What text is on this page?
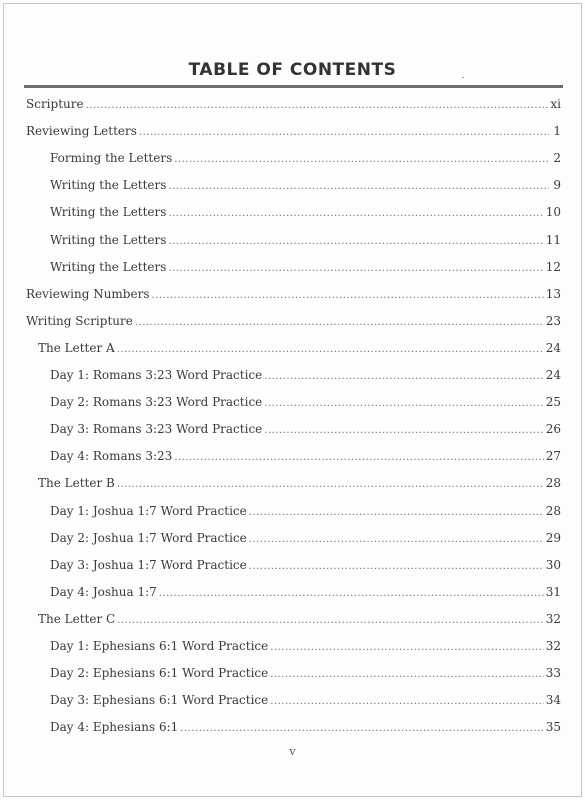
TABLE OF CONTENTS
Scripture .....	xi
Reviewing Letters .....	1
Forming the Letters .....	2
Writing the Letters .....	9
Writing the Letters .....	10
Writing the Letters .....	11
Writing the Letters .....	12
Reviewing Numbers .....	13
Writing Scripture .....	23
The Letter A .....	24
Day 1: Romans 3:23 Word Practice .....	24
Day 2: Romans 3:23 Word Practice .....	25
Day 3: Romans 3:23 Word Practice .....	26
Day 4: Romans 3:23 .....	27
The Letter B .....	28
Day 1: Joshua 1:7 Word Practice .....	28
Day 2: Joshua 1:7 Word Practice .....	29
Day 3: Joshua 1:7 Word Practice .....	30
Day 4: Joshua 1:7 .....	31
The Letter C .....	32
Day 1: Ephesians 6:1 Word Practice .....	32
Day 2: Ephesians 6:1 Word Practice .....	33
Day 3: Ephesians 6:1 Word Practice .....	34
Day 4: Ephesians 6:1 .....	35
v
